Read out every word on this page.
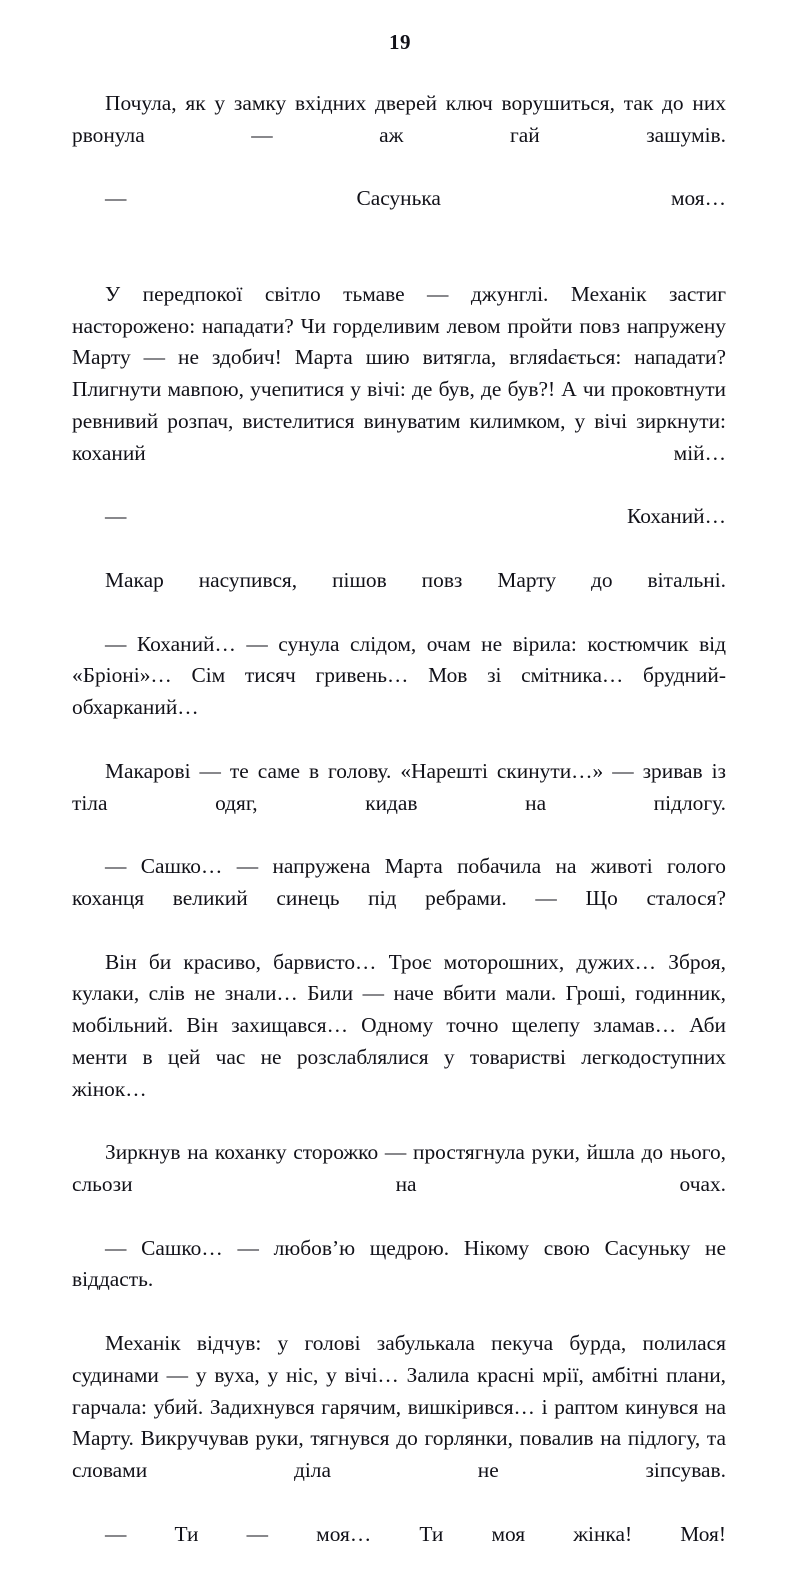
19

Почула, як у замку вхідних дверей ключ ворушиться, так до них рвонула — аж гай зашумів.

— Сасунька моя…

У передпокої світло тьмаве — джунглі. Механік застиг насторожено: нападати? Чи горделивим левом пройти повз напружену Марту — не здобич! Марта шию витягла, вгляdається: нападати? Плигнути мавпою, учепитися у вічі: де був, де був?! А чи проковтнути ревнивий розпач, вистелитися винуватим килимком, у вічі зиркнути: коханий мій…

— Коханий…

Макар насупився, пішов повз Марту до вітальні.

— Коханий… — сунула слідом, очам не вірила: костюмчик від «Бріоні»… Сім тисяч гривень… Мов зі смітника… брудний-обхарканий…

Макарові — те саме в голову. «Нарешті скинути…» — зривав із тіла одяг, кидав на підлогу.

— Сашко… — напружена Марта побачила на животі голого коханця великий синець під ребрами. — Що сталося?

Він би красиво, барвисто… Троє моторошних, дужих… Зброя, кулаки, слів не знали… Били — наче вбити мали. Гроші, годинник, мобільний. Він захищався… Одному точно щелепу зламав… Аби менти в цей час не розслаблялися у товаристві легкодоступних жінок…

Зиркнув на коханку сторожко — простягнула руки, йшла до нього, сльози на очах.

— Сашко… — любов’ю щедрою. Нікому свою Сасуньку не віддасть.

Механік відчув: у голові забулькала пекуча бурда, полилася судинами — у вуха, у ніс, у вічі… Залила красні мрії, амбітні плани, гарчала: убий. Задихнувся гарячим, вишкірився… і раптом кинувся на Марту. Викручував руки, тягнувся до горлянки, повалив на підлогу, та словами діла не зіпсував.

— Ти — моя… Ти моя жінка! Моя!
